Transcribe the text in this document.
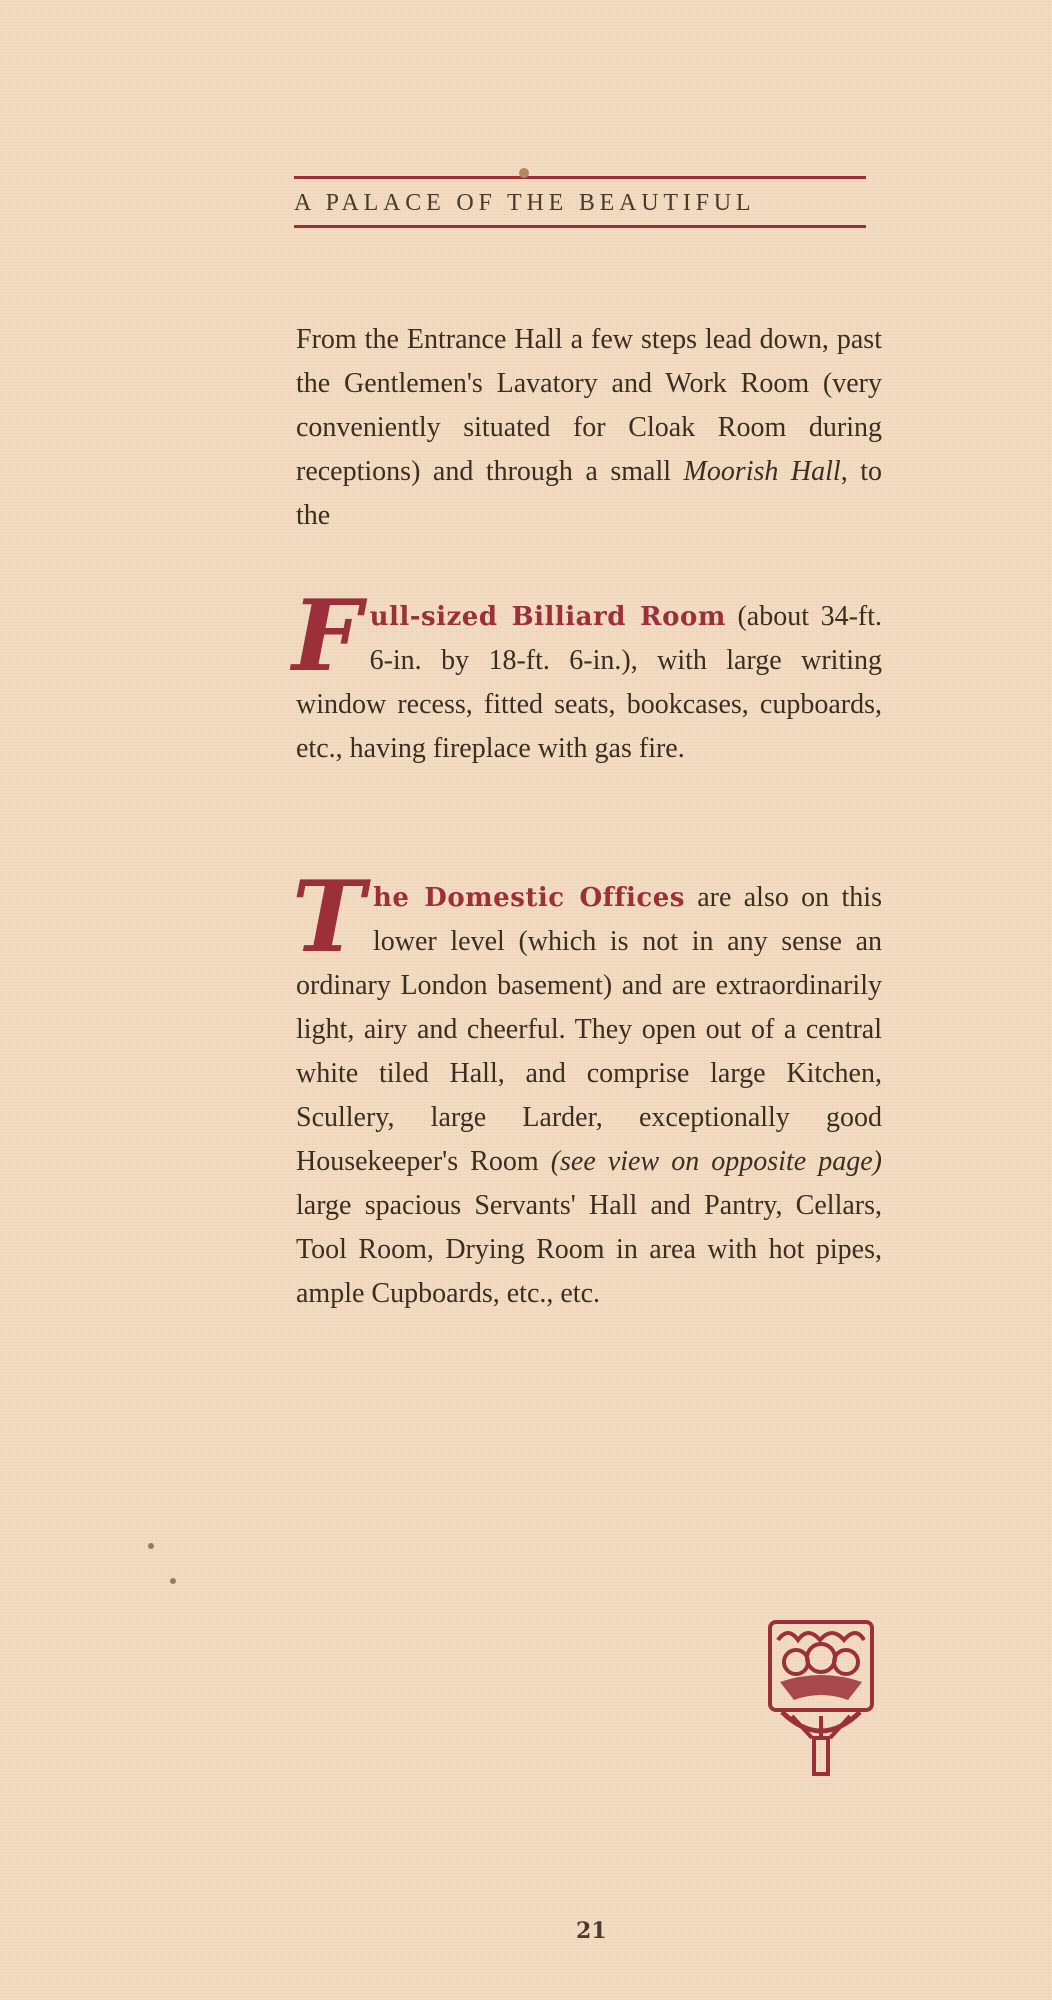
A PALACE OF THE BEAUTIFUL

From the Entrance Hall a few steps lead down, past the Gentlemen's Lavatory and Work Room (very conveniently situated for Cloak Room during receptions) and through a small Moorish Hall, to the

Full-sized Billiard Room (about 34-ft. 6-in. by 18-ft. 6-in.), with large writing window recess, fitted seats, bookcases, cupboards, etc., having fireplace with gas fire.

The Domestic Offices are also on this lower level (which is not in any sense an ordinary London basement) and are extraordinarily light, airy and cheerful. They open out of a central white tiled Hall, and comprise large Kitchen, Scullery, large Larder, exceptionally good Housekeeper's Room (see view on opposite page) large spacious Servants' Hall and Pantry, Cellars, Tool Room, Drying Room in area with hot pipes, ample Cupboards, etc., etc.

21
